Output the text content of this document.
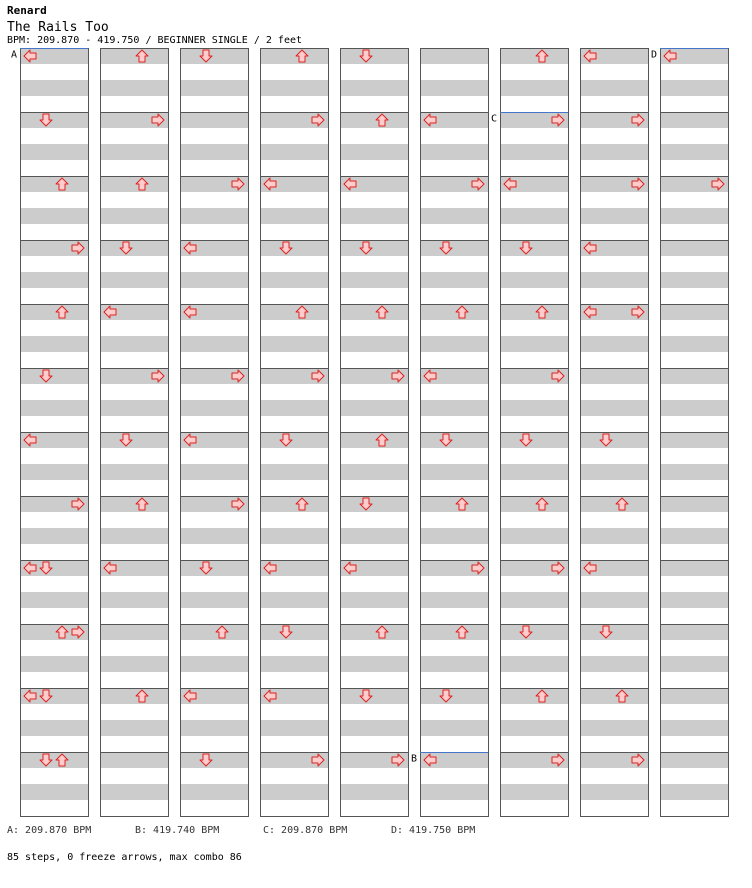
Renard
The Rails Too
BPM: 209.870 - 419.750 / BEGINNER SINGLE / 2 feet
A
B
C
D
A: 209.870 BPM	B: 419.740 BPM	C: 209.870 BPM	D: 419.750 BPM
85 steps, 0 freeze arrows, max combo 86
